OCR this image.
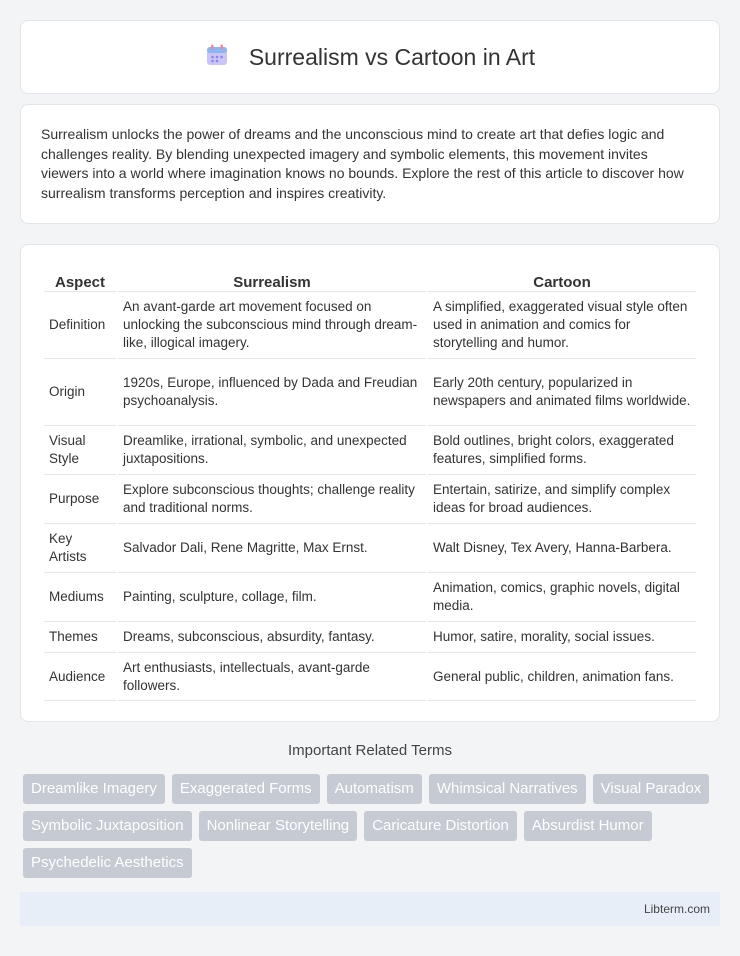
Surrealism vs Cartoon in Art

Surrealism unlocks the power of dreams and the unconscious mind to create art that defies logic and challenges reality. By blending unexpected imagery and symbolic elements, this movement invites viewers into a world where imagination knows no bounds. Explore the rest of this article to discover how surrealism transforms perception and inspires creativity.

Aspect	Surrealism	Cartoon
Definition	An avant-garde art movement focused on unlocking the subconscious mind through dream-like, illogical imagery.	A simplified, exaggerated visual style often used in animation and comics for storytelling and humor.
Origin	1920s, Europe, influenced by Dada and Freudian psychoanalysis.	Early 20th century, popularized in newspapers and animated films worldwide.
Visual Style	Dreamlike, irrational, symbolic, and unexpected juxtapositions.	Bold outlines, bright colors, exaggerated features, simplified forms.
Purpose	Explore subconscious thoughts; challenge reality and traditional norms.	Entertain, satirize, and simplify complex ideas for broad audiences.
Key Artists	Salvador Dali, Rene Magritte, Max Ernst.	Walt Disney, Tex Avery, Hanna-Barbera.
Mediums	Painting, sculpture, collage, film.	Animation, comics, graphic novels, digital media.
Themes	Dreams, subconscious, absurdity, fantasy.	Humor, satire, morality, social issues.
Audience	Art enthusiasts, intellectuals, avant-garde followers.	General public, children, animation fans.
Important Related Terms
Dreamlike Imagery	Exaggerated Forms	Automatism	Whimsical Narratives	Visual Paradox
Symbolic Juxtaposition	Nonlinear Storytelling	Caricature Distortion	Absurdist Humor
Psychedelic Aesthetics
Libterm.com
